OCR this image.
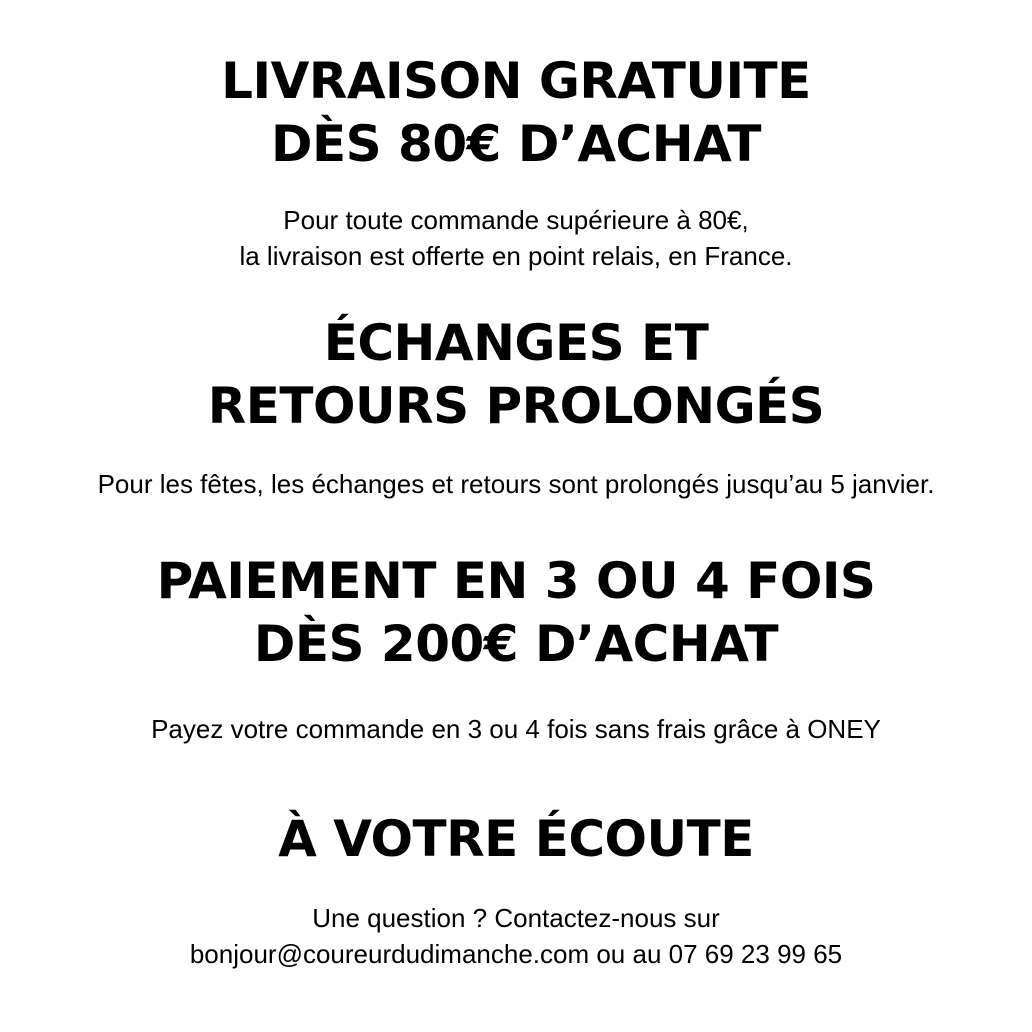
LIVRAISON GRATUITE
DÈS 80€ D’ACHAT

Pour toute commande supérieure à 80€,
la livraison est offerte en point relais, en France.

ÉCHANGES ET
RETOURS PROLONGÉS

Pour les fêtes, les échanges et retours sont prolongés jusqu’au 5 janvier.

PAIEMENT EN 3 OU 4 FOIS
DÈS 200€ D’ACHAT

Payez votre commande en 3 ou 4 fois sans frais grâce à ONEY

À VOTRE ÉCOUTE

Une question ? Contactez-nous sur
bonjour@coureurdudimanche.com ou au 07 69 23 99 65
